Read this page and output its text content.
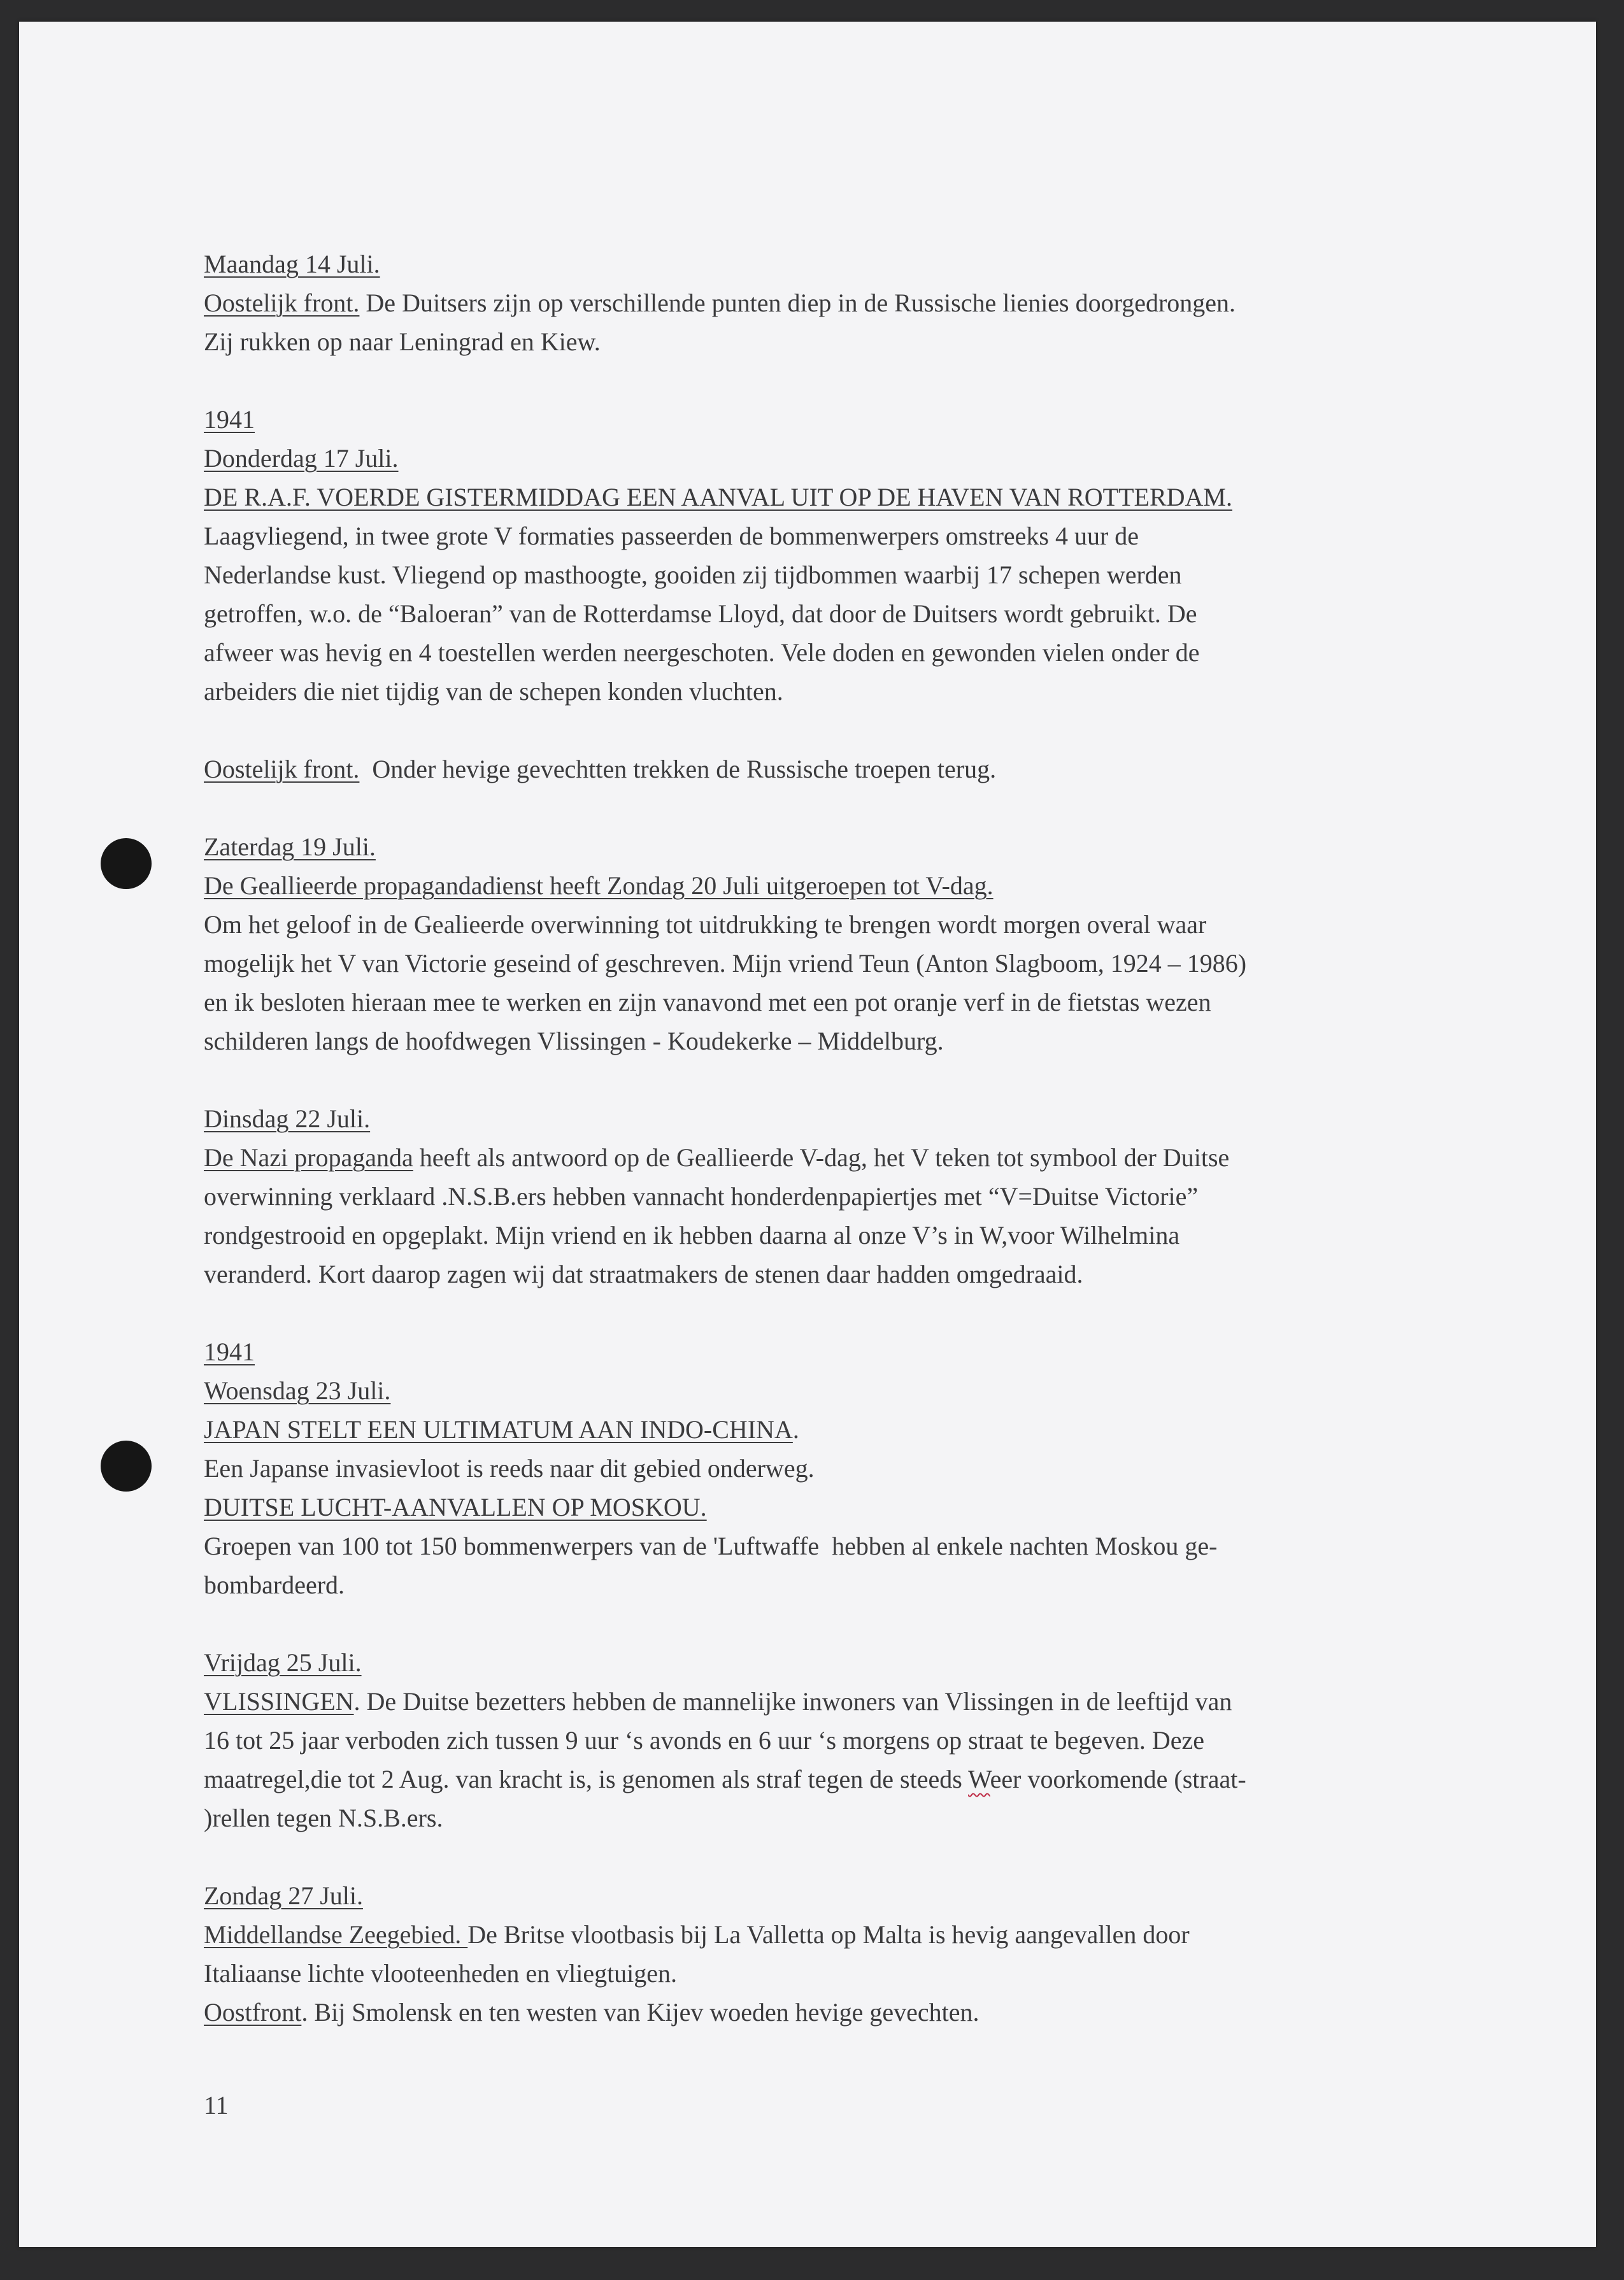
Maandag 14 Juli.
Oostelijk front. De Duitsers zijn op verschillende punten diep in de Russische lienies doorgedrongen.
Zij rukken op naar Leningrad en Kiew.
1941
Donderdag 17 Juli.
DE R.A.F. VOERDE GISTERMIDDAG EEN AANVAL UIT OP DE HAVEN VAN ROTTERDAM.
Laagvliegend, in twee grote V formaties passeerden de bommenwerpers omstreeks 4 uur de
Nederlandse kust. Vliegend op masthoogte, gooiden zij tijdbommen waarbij 17 schepen werden
getroffen, w.o. de “Baloeran” van de Rotterdamse Lloyd, dat door de Duitsers wordt gebruikt. De
afweer was hevig en 4 toestellen werden neergeschoten. Vele doden en gewonden vielen onder de
arbeiders die niet tijdig van de schepen konden vluchten.
Oostelijk front.  Onder hevige gevechtten trekken de Russische troepen terug.
Zaterdag 19 Juli.
De Geallieerde propagandadienst heeft Zondag 20 Juli uitgeroepen tot V-dag.
Om het geloof in de Gealieerde overwinning tot uitdrukking te brengen wordt morgen overal waar
mogelijk het V van Victorie geseind of geschreven. Mijn vriend Teun (Anton Slagboom, 1924 – 1986)
en ik besloten hieraan mee te werken en zijn vanavond met een pot oranje verf in de fietstas wezen
schilderen langs de hoofdwegen Vlissingen - Koudekerke – Middelburg.
Dinsdag 22 Juli.
De Nazi propaganda heeft als antwoord op de Geallieerde V-dag, het V teken tot symbool der Duitse
overwinning verklaard .N.S.B.ers hebben vannacht honderdenpapiertjes met “V=Duitse Victorie”
rondgestrooid en opgeplakt. Mijn vriend en ik hebben daarna al onze V’s in W,voor Wilhelmina
veranderd. Kort daarop zagen wij dat straatmakers de stenen daar hadden omgedraaid.
1941
Woensdag 23 Juli.
JAPAN STELT EEN ULTIMATUM AAN INDO-CHINA.
Een Japanse invasievloot is reeds naar dit gebied onderweg.
DUITSE LUCHT-AANVALLEN OP MOSKOU.
Groepen van 100 tot 150 bommenwerpers van de 'Luftwaffe  hebben al enkele nachten Moskou ge-
bombardeerd.
Vrijdag 25 Juli.
VLISSINGEN. De Duitse bezetters hebben de mannelijke inwoners van Vlissingen in de leeftijd van
16 tot 25 jaar verboden zich tussen 9 uur ‘s avonds en 6 uur ‘s morgens op straat te begeven. Deze
maatregel,die tot 2 Aug. van kracht is, is genomen als straf tegen de steeds Weer voorkomende (straat-
)rellen tegen N.S.B.ers.
Zondag 27 Juli.
Middellandse Zeegebied. De Britse vlootbasis bij La Valletta op Malta is hevig aangevallen door
Italiaanse lichte vlooteenheden en vliegtuigen.
Oostfront. Bij Smolensk en ten westen van Kijev woeden hevige gevechten.
11
